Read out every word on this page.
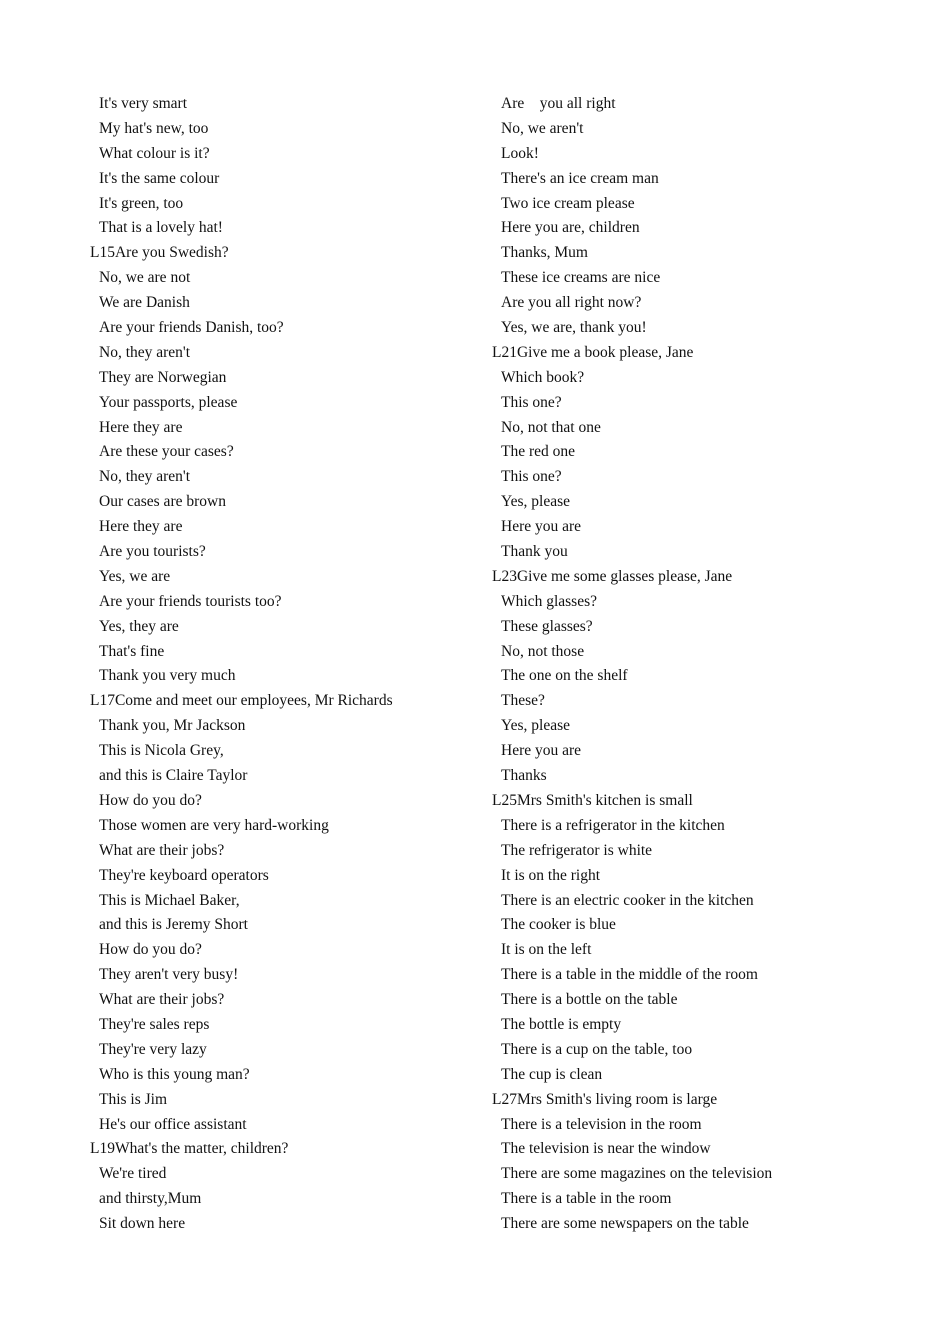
It's very smart
My hat's new, too
What colour is it?
It's the same colour
It's green, too
That is a lovely hat!
L15Are you Swedish?
No, we are not
We are Danish
Are your friends Danish, too?
No, they aren't
They are Norwegian
Your passports, please
Here they are
Are these your cases?
No, they aren't
Our cases are brown
Here they are
Are you tourists?
Yes, we are
Are your friends tourists too?
Yes, they are
That's fine
Thank you very much
L17Come and meet our employees, Mr Richards
Thank you, Mr Jackson
This is Nicola Grey,
and this is Claire Taylor
How do you do?
Those women are very hard-working
What are their jobs?
They're keyboard operators
This is Michael Baker,
and this is Jeremy Short
How do you do?
They aren't very busy!
What are their jobs?
They're sales reps
They're very lazy
Who is this young man?
This is Jim
He's our office assistant
L19What's the matter, children?
We're tired
and thirsty,Mum
Sit down here
Are    you all right
No, we aren't
Look!
There's an ice cream man
Two ice cream please
Here you are, children
Thanks, Mum
These ice creams are nice
Are you all right now?
Yes, we are, thank you!
L21Give me a book please, Jane
Which book?
This one?
No, not that one
The red one
This one?
Yes, please
Here you are
Thank you
L23Give me some glasses please, Jane
Which glasses?
These glasses?
No, not those
The one on the shelf
These?
Yes, please
Here you are
Thanks
L25Mrs Smith's kitchen is small
There is a refrigerator in the kitchen
The refrigerator is white
It is on the right
There is an electric cooker in the kitchen
The cooker is blue
It is on the left
There is a table in the middle of the room
There is a bottle on the table
The bottle is empty
There is a cup on the table, too
The cup is clean
L27Mrs Smith's living room is large
There is a television in the room
The television is near the window
There are some magazines on the television
There is a table in the room
There are some newspapers on the table
